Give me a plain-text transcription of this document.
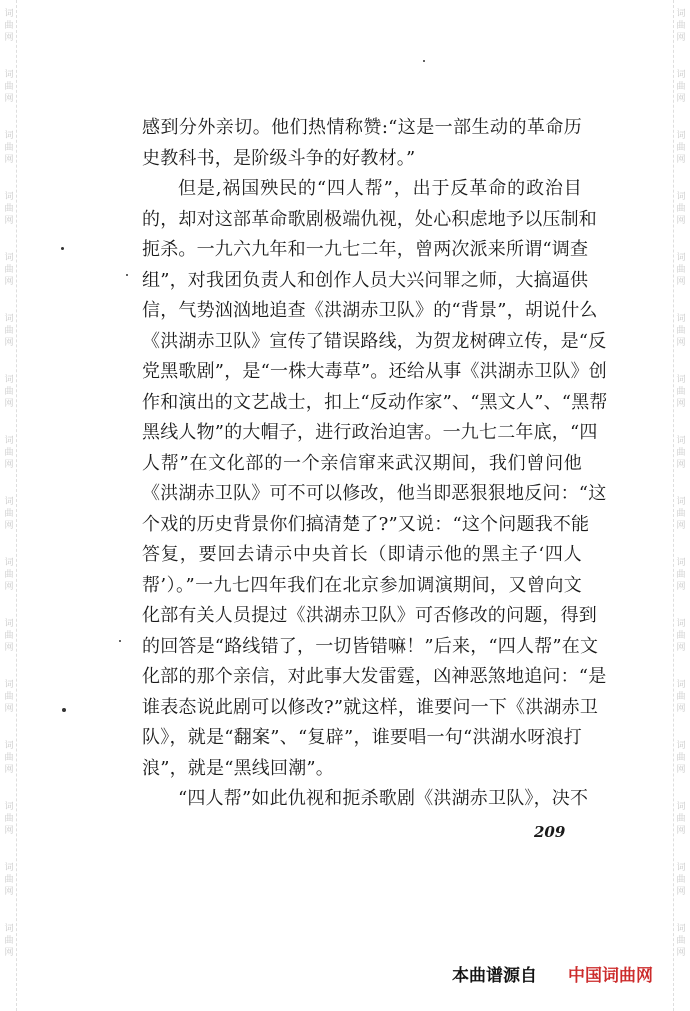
词
曲
网
词
曲
网
词
曲
网
词
曲
网
词
曲
网
词
曲
网
词
曲
网
词
曲
网
词
曲
网
词
曲
网
词
曲
网
词
曲
网
词
曲
网
词
曲
网
词
曲
网
词
曲
网
词
曲
网
词
曲
网
词
曲
网
词
曲
网
词
曲
网
词
曲
网
词
曲
网
词
曲
网
词
曲
网
词
曲
网
词
曲
网
词
曲
网
词
曲
网
词
曲
网
词
曲
网
词
曲
网
感到分外亲切。他们热情称赞:“这是一部生动的革命历
史教科书，是阶级斗争的好教材。”
但是,祸国殃民的“四人帮”，出于反革命的政治目
的，却对这部革命歌剧极端仇视，处心积虑地予以压制和
扼杀。一九六九年和一九七二年，曾两次派来所谓“调查
组”，对我团负责人和创作人员大兴问罪之师，大搞逼供
信，气势汹汹地追查《洪湖赤卫队》的“背景”，胡说什么
《洪湖赤卫队》宣传了错误路线，为贺龙树碑立传，是“反
党黑歌剧”，是“一株大毒草”。还给从事《洪湖赤卫队》创
作和演出的文艺战士，扣上“反动作家”、“黑文人”、“黑帮
黑线人物”的大帽子，进行政治迫害。一九七二年底，“四
人帮”在文化部的一个亲信窜来武汉期间，我们曾问他
《洪湖赤卫队》可不可以修改，他当即恶狠狠地反问：“这
个戏的历史背景你们搞清楚了?”又说：“这个问题我不能
答复，要回去请示中央首长（即请示他的黑主子‘四人
帮’）。”一九七四年我们在北京参加调演期间，又曾向文
化部有关人员提过《洪湖赤卫队》可否修改的问题，得到
的回答是“路线错了，一切皆错嘛！”后来，“四人帮”在文
化部的那个亲信，对此事大发雷霆，凶神恶煞地追问：“是
谁表态说此剧可以修改?”就这样，谁要问一下《洪湖赤卫
队》，就是“翻案”、“复辟”，谁要唱一句“洪湖水呀浪打
浪”，就是“黑线回潮”。
“四人帮”如此仇视和扼杀歌剧《洪湖赤卫队》，决不
209
本曲谱源自 中国词曲网
